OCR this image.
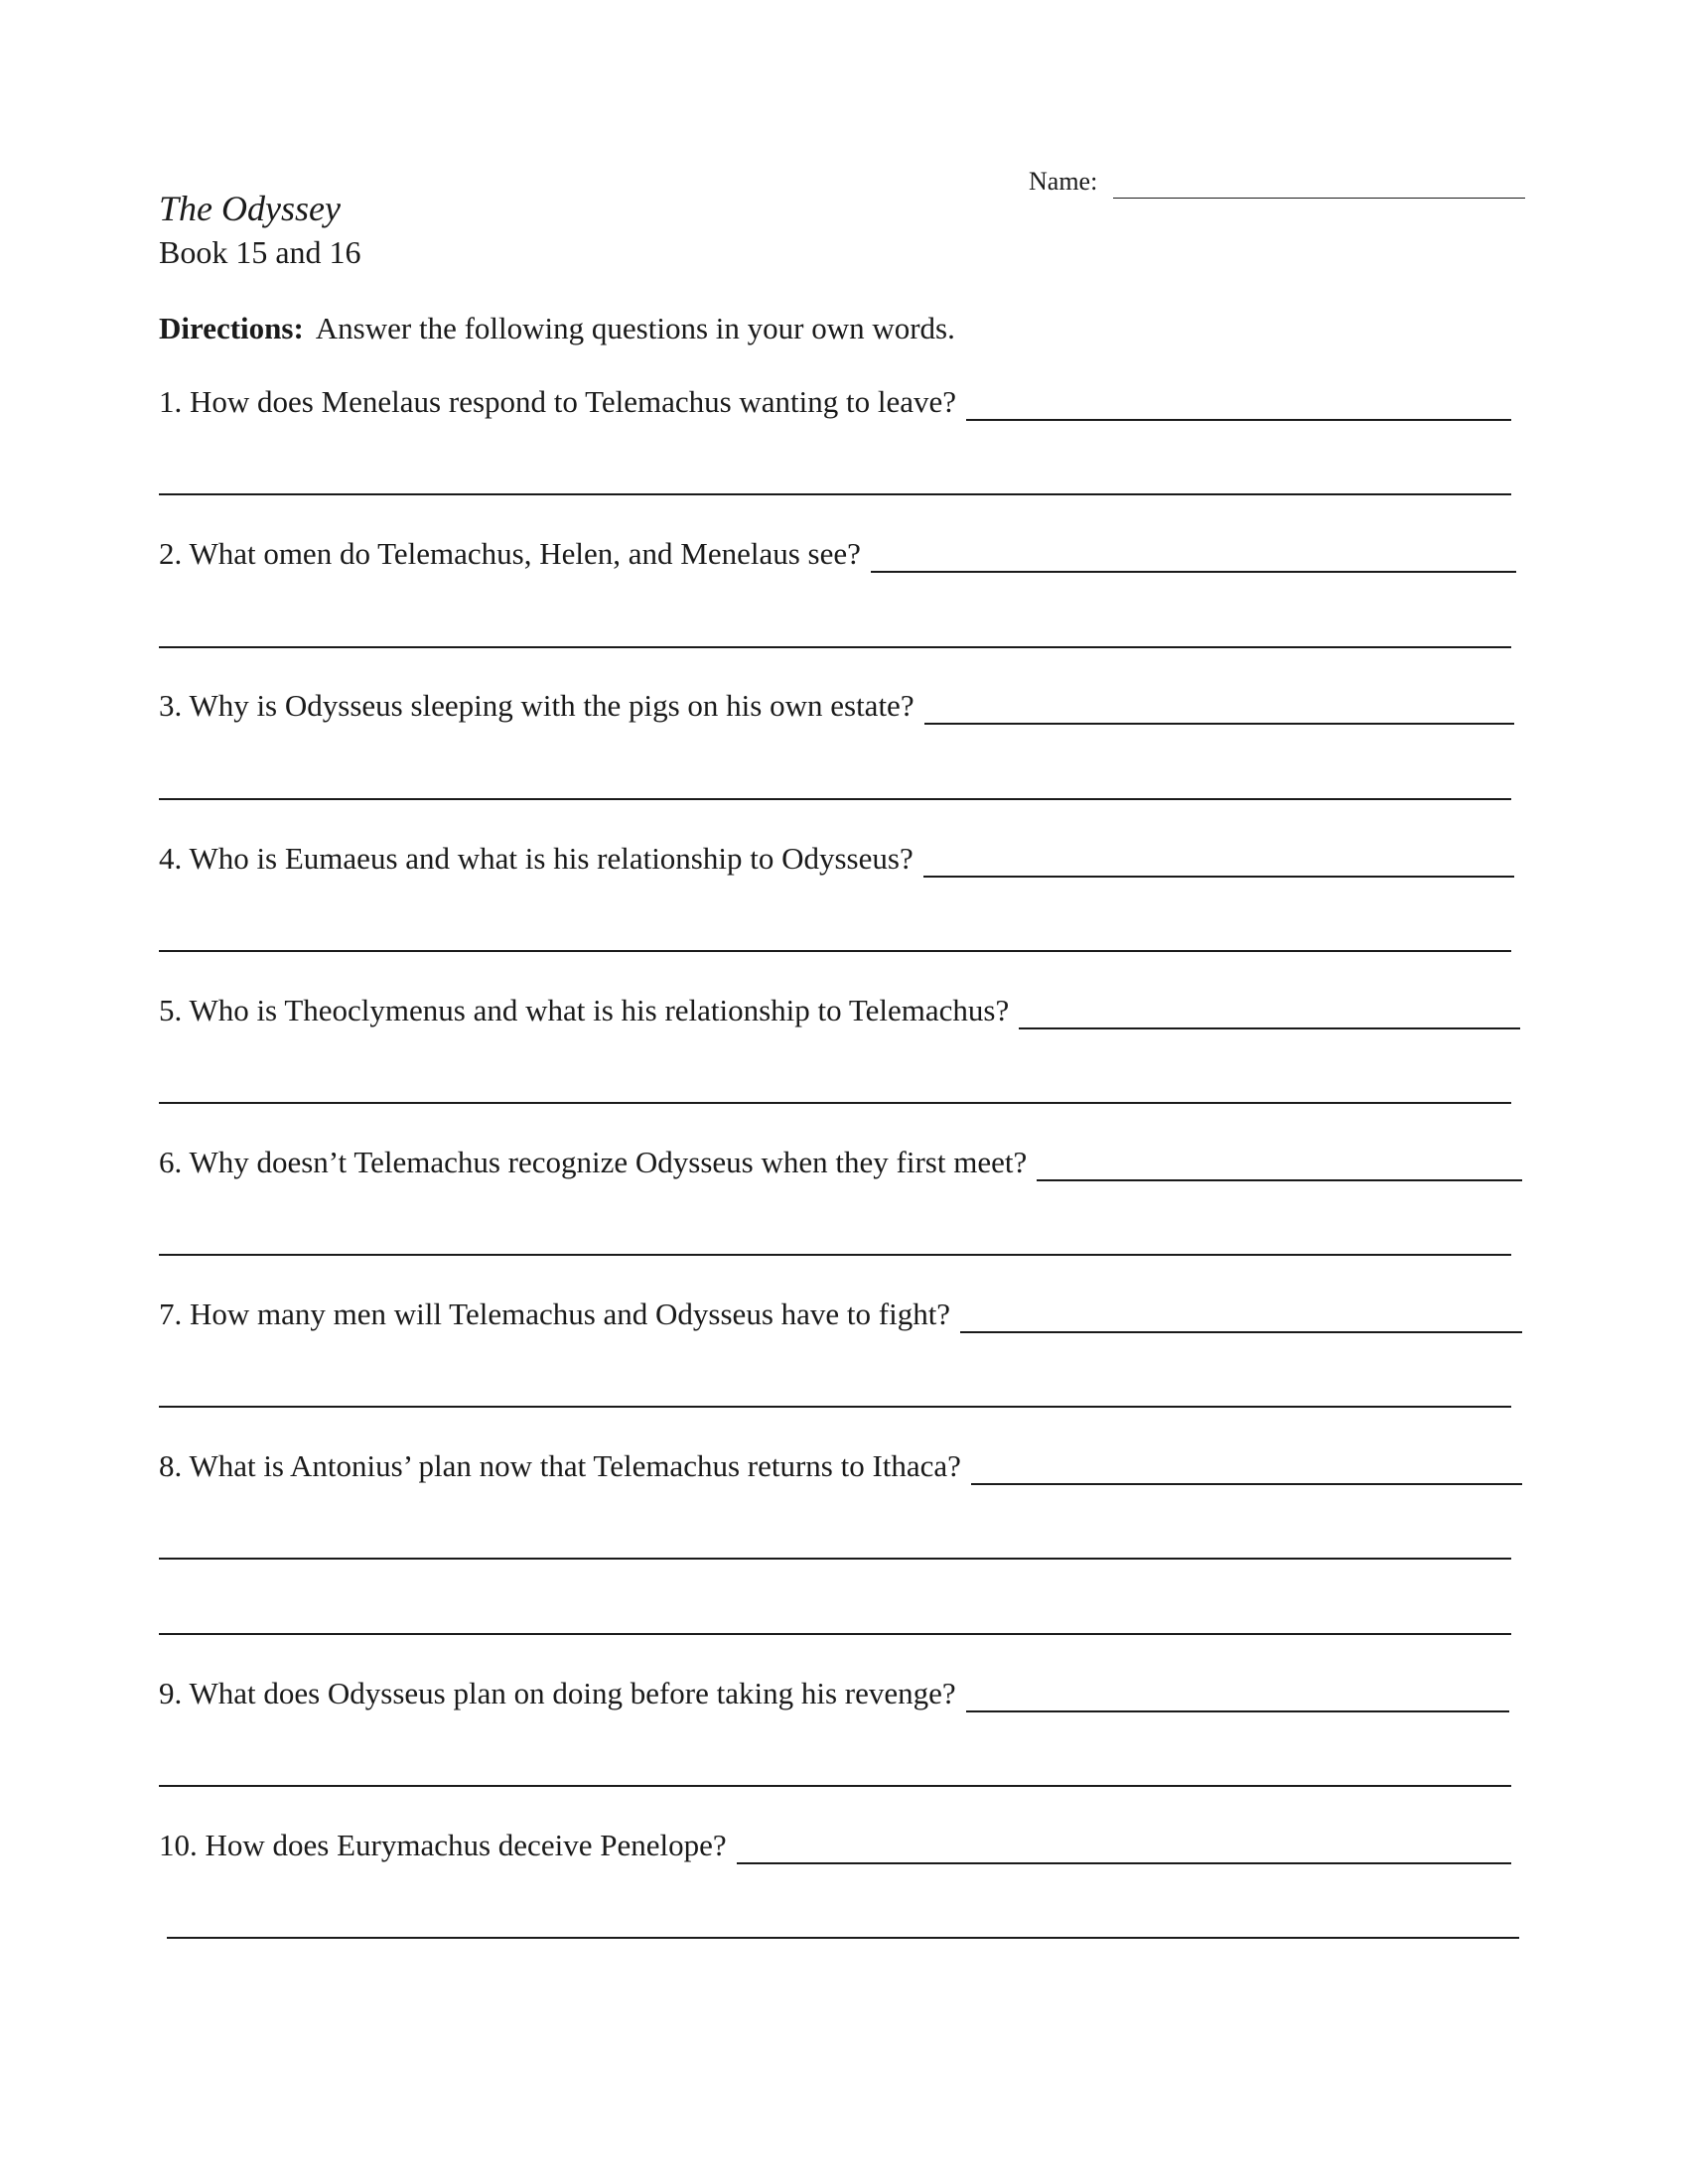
Name:
The Odyssey
Book 15 and 16
Directions: Answer the following questions in your own words.
1. How does Menelaus respond to Telemachus wanting to leave?
2. What omen do Telemachus, Helen, and Menelaus see?
3. Why is Odysseus sleeping with the pigs on his own estate?
4. Who is Eumaeus and what is his relationship to Odysseus?
5. Who is Theoclymenus and what is his relationship to Telemachus?
6. Why doesn’t Telemachus recognize Odysseus when they first meet?
7. How many men will Telemachus and Odysseus have to fight?
8. What is Antonius’ plan now that Telemachus returns to Ithaca?
9. What does Odysseus plan on doing before taking his revenge?
10. How does Eurymachus deceive Penelope?
